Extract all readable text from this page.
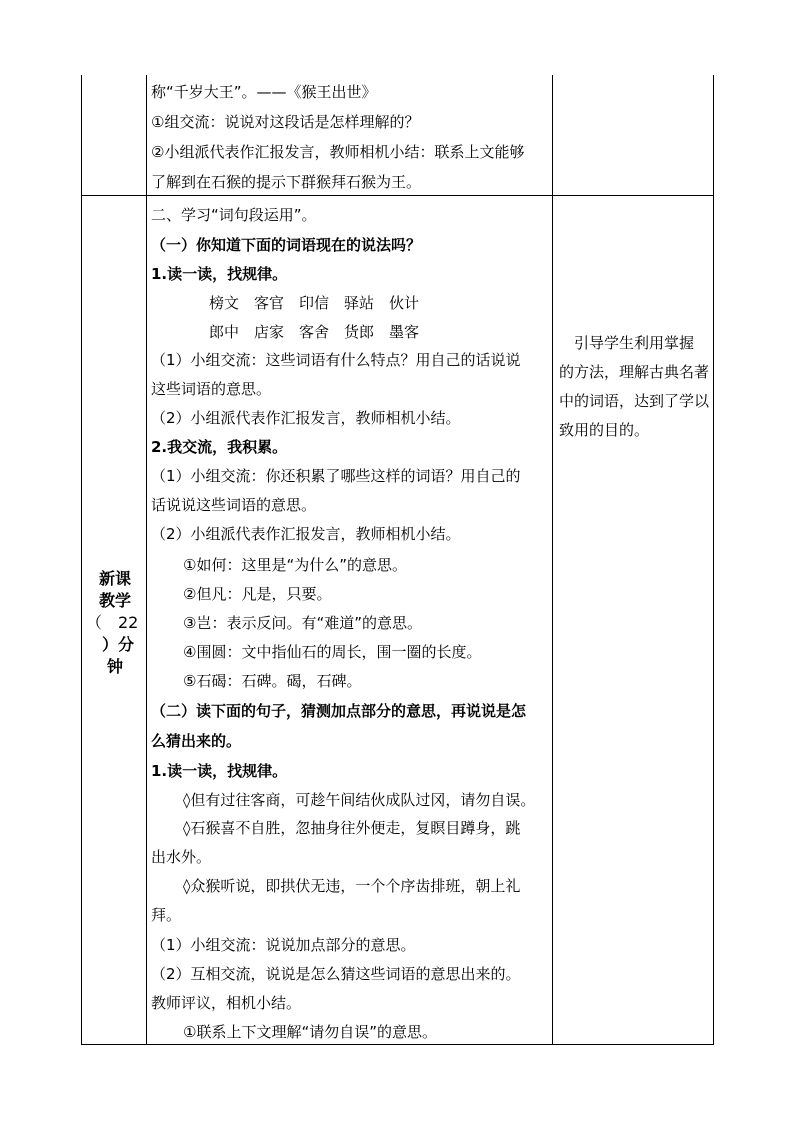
称“千岁大王”。——《猴王出世》
①组交流：说说对这段话是怎样理解的？
②小组派代表作汇报发言，教师相机小结：联系上文能够
了解到在石猴的提示下群猴拜石猴为王。
新课
教学
（　22
　）分
钟
二、学习“词句段运用”。
（一）你知道下面的词语现在的说法吗？
1.读一读，找规律。
榜文　客官　印信　驿站　伙计
郎中　店家　客舍　货郎　墨客
（1）小组交流：这些词语有什么特点？用自己的话说说
这些词语的意思。
（2）小组派代表作汇报发言，教师相机小结。
2.我交流，我积累。
（1）小组交流：你还积累了哪些这样的词语？用自己的
话说说这些词语的意思。
（2）小组派代表作汇报发言，教师相机小结。
①如何：这里是“为什么”的意思。
②但凡：凡是，只要。
③岂：表示反问。有“难道”的意思。
④围圆：文中指仙石的周长，围一圈的长度。
⑤石碣：石碑。碣，石碑。
（二）读下面的句子，猜测加点部分的意思，再说说是怎
么猜出来的。
1.读一读，找规律。
◊但有过往客商，可趁午间结伙成队过冈，请勿自误。
◊石猴喜不自胜，忽抽身往外便走，复瞑目蹲身，跳
出水外。
◊众猴听说，即拱伏无违，一个个序齿排班，朝上礼
拜。
（1）小组交流：说说加点部分的意思。
（2）互相交流，说说是怎么猜这些词语的意思出来的。
教师评议，相机小结。
①联系上下文理解“请勿自误”的意思。
　引导学生利用掌握
的方法，理解古典名著
中的词语，达到了学以
致用的目的。
